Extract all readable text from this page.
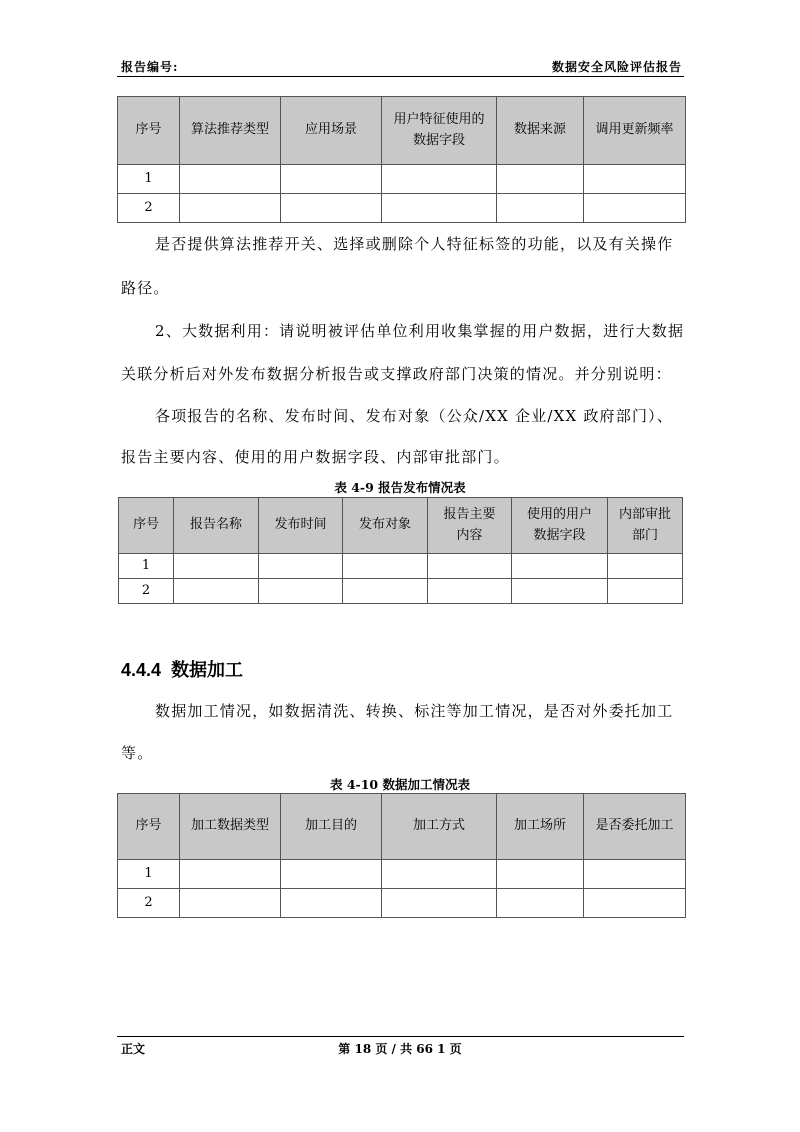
报告编号:	数据安全风险评估报告
序号	算法推荐类型	应用场景	用户特征使用的数据字段	数据来源	调用更新频率
1					
2					
是否提供算法推荐开关、选择或删除个人特征标签的功能，以及有关操作
路径。
2、大数据利用：请说明被评估单位利用收集掌握的用户数据，进行大数据
关联分析后对外发布数据分析报告或支撑政府部门决策的情况。并分别说明：
各项报告的名称、发布时间、发布对象（公众/XX 企业/XX 政府部门）、
报告主要内容、使用的用户数据字段、内部审批部门。
表 4-9 报告发布情况表
序号	报告名称	发布时间	发布对象	报告主要内容	使用的用户数据字段	内部审批部门
1						
2						
4.4.4 数据加工
数据加工情况，如数据清洗、转换、标注等加工情况，是否对外委托加工
等。
表 4-10 数据加工情况表
序号	加工数据类型	加工目的	加工方式	加工场所	是否委托加工
1					
2					
正文	第 18 页 / 共 66 1 页
